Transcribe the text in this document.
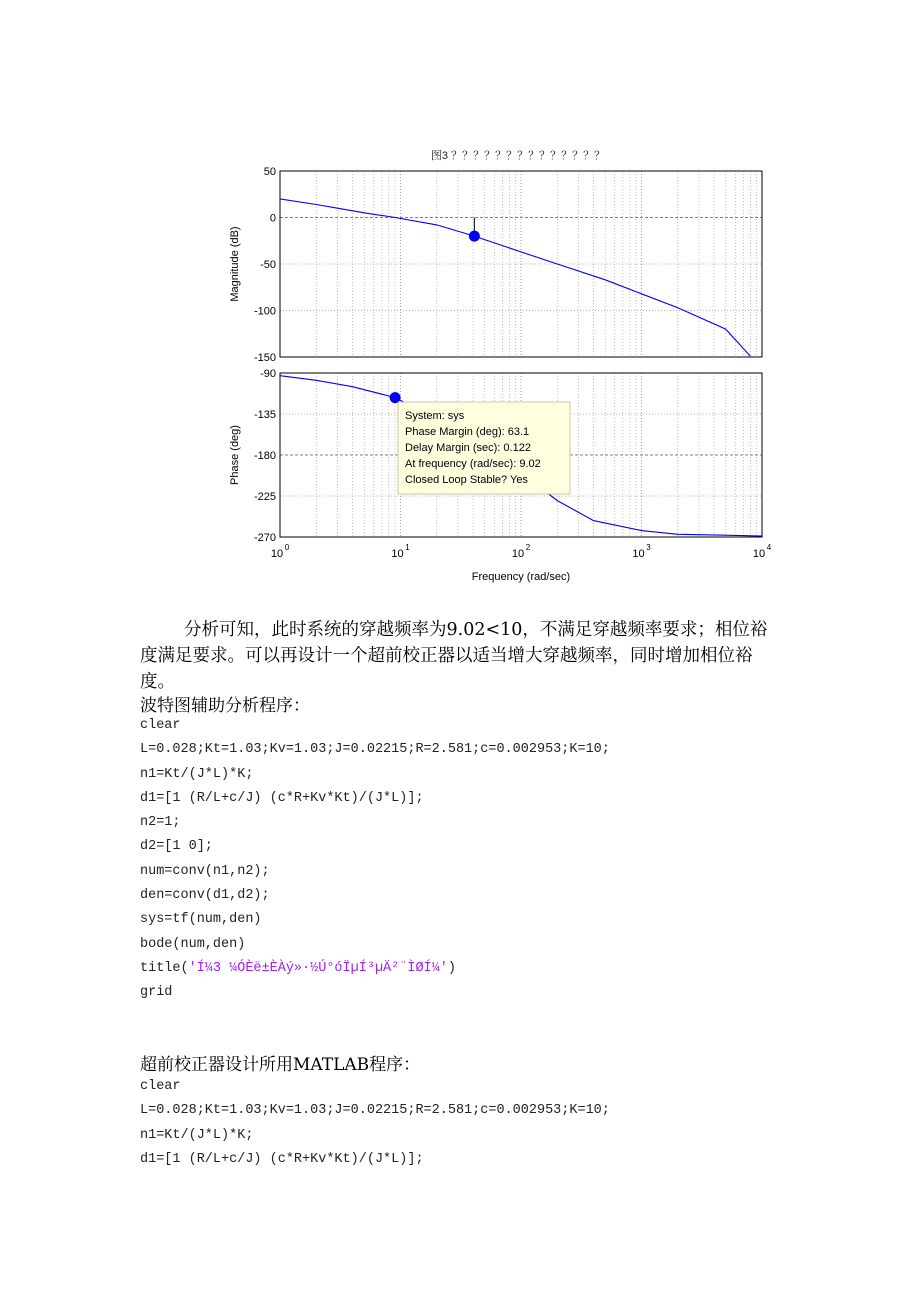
图3 ？？？？？？？？？？？？？？
50
0
-50
-100
-150
Magnitude (dB)
-90
-135
-180
-225
-270
Phase (deg)
10
0
10
1
10
2
10
3
10
4
Frequency (rad/sec)
System: sys
Phase Margin (deg): 63.1
Delay Margin (sec): 0.122
At frequency (rad/sec): 9.02
Closed Loop Stable? Yes

分析可知，此时系统的穿越频率为9.02<10，不满足穿越频率要求；相位裕度满足要求。可以再设计一个超前校正器以适当增大穿越频率，同时增加相位裕度。

波特图辅助分析程序：
clear
L=0.028;Kt=1.03;Kv=1.03;J=0.02215;R=2.581;c=0.002953;K=10;
n1=Kt/(J*L)*K;
d1=[1 (R/L+c/J) (c*R+Kv*Kt)/(J*L)];
n2=1;
d2=[1 0];
num=conv(n1,n2);
den=conv(d1,d2);
sys=tf(num,den)
bode(num,den)
title('Í¼3 ¼ÓÈë±ÈÀý»·½Ú°óÏµÍ³µÄ²¨ÌØÍ¼')
grid
超前校正器设计所用MATLAB程序：
clear
L=0.028;Kt=1.03;Kv=1.03;J=0.02215;R=2.581;c=0.002953;K=10;
n1=Kt/(J*L)*K;
d1=[1 (R/L+c/J) (c*R+Kv*Kt)/(J*L)];
